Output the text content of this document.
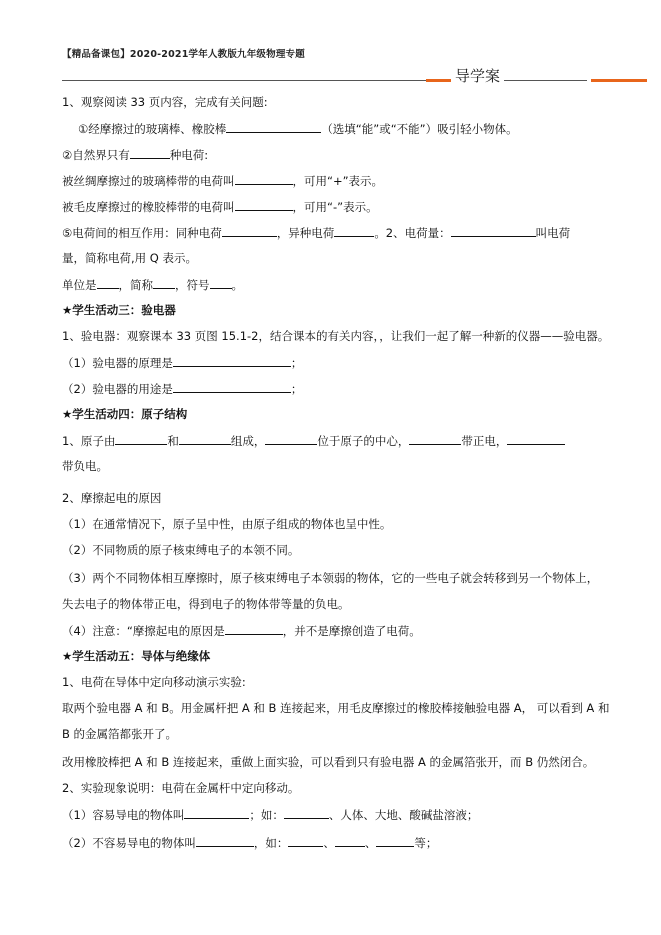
【精品备课包】2020-2021学年人教版九年级物理专题
导学案
1、观察阅读 33 页内容，完成有关问题:
①经摩擦过的玻璃棒、橡胶棒	（选填“能”或“不能”）吸引轻小物体。
②自然界只有	种电荷:
被丝绸摩擦过的玻璃棒带的电荷叫	，可用“+”表示。
被毛皮摩擦过的橡胶棒带的电荷叫	，可用“-”表示。
⑤电荷间的相互作用：同种电荷	，异种电荷	。2、电荷量：	叫电荷
量，简称电荷,用 Q 表示。
单位是 ，简称 ，符号 。
★学生活动三：验电器
1、验电器：观察课本 33 页图 15.1-2，结合课本的有关内容，，让我们一起了解一种新的仪器——验电器。
（1）验电器的原理是	；
（2）验电器的用途是	；
★学生活动四：原子结构
1、原子由	和	组成，	位于原子的中心，	带正电，
带负电。
2、摩擦起电的原因
（1）在通常情况下，原子呈中性，由原子组成的物体也呈中性。
（2）不同物质的原子核束缚电子的本领不同。
（3）两个不同物体相互摩擦时，原子核束缚电子本领弱的物体，它的一些电子就会转移到另一个物体上，
失去电子的物体带正电，得到电子的物体带等量的负电。
（4）注意：“摩擦起电的原因是	，并不是摩擦创造了电荷。
★学生活动五：导体与绝缘体
1、电荷在导体中定向移动演示实验:
取两个验电器 A 和 B。用金属杆把 A 和 B 连接起来，用毛皮摩擦过的橡胶棒接触验电器 A， 可以看到 A 和
B 的金属箔都张开了。
改用橡胶棒把 A 和 B 连接起来，重做上面实验，可以看到只有验电器 A 的金属箔张开，而 B 仍然闭合。
2、实验现象说明：电荷在金属杆中定向移动。
（1）容易导电的物体叫	；如：	、人体、大地、酸碱盐溶液；
（2）不容易导电的物体叫	，如：	、	、	等；
